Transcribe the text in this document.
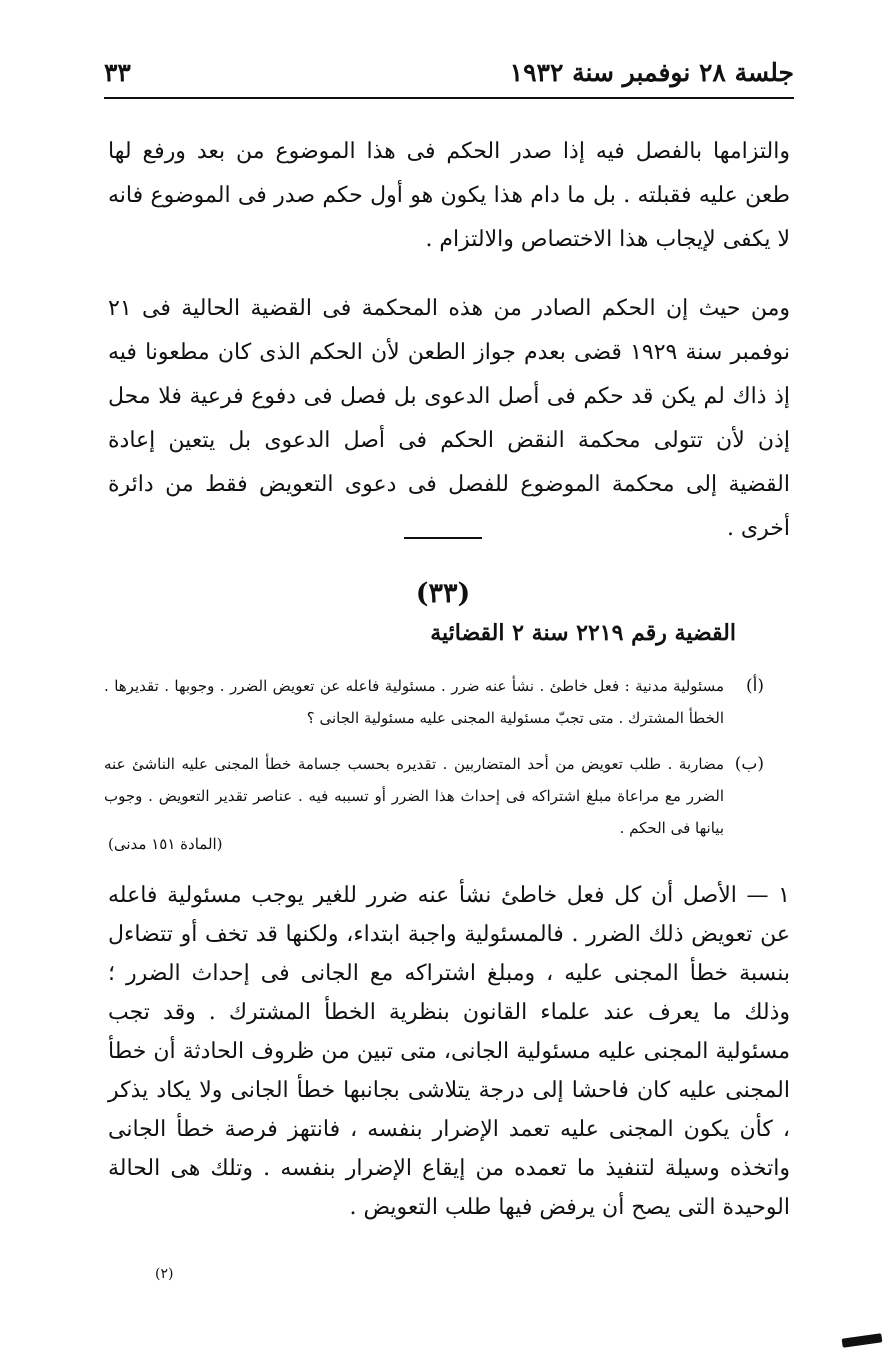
جلسة ٢٨ نوفمبر سنة ١٩٣٢
٣٣

والتزامها بالفصل فيه إذا صدر الحكم فى هذا الموضوع من بعد ورفع لها طعن عليه فقبلته . بل ما دام هذا يكون هو أول حكم صدر فى الموضوع فانه لا يكفى لإيجاب هذا الاختصاص والالتزام .

ومن حيث إن الحكم الصادر من هذه المحكمة فى القضية الحالية فى ٢١ نوفمبر سنة ١٩٢٩ قضى بعدم جواز الطعن لأن الحكم الذى كان مطعونا فيه إذ ذاك لم يكن قد حكم فى أصل الدعوى بل فصل فى دفوع فرعية فلا محل إذن لأن تتولى محكمة النقض الحكم فى أصل الدعوى بل يتعين إعادة القضية إلى محكمة الموضوع للفصل فى دعوى التعويض فقط من دائرة أخرى .

(٣٣)
القضية رقم ٢٢١٩ سنة ٢ القضائية
(أ)
مسئولية مدنية : فعل خاطئ . نشأ عنه ضرر . مسئولية فاعله عن تعويض الضرر . وجوبها . تقديرها . الخطأ المشترك . متى تجبّ مسئولية المجنى عليه مسئولية الجانى ؟
(ب)
مضاربة . طلب تعويض من أحد المتضاربين . تقديره بحسب جسامة خطأ المجنى عليه الناشئ عنه الضرر مع مراعاة مبلغ اشتراكه فى إحداث هذا الضرر أو تسببه فيه . عناصر تقدير التعويض . وجوب بيانها فى الحكم .
(المادة ١٥١ مدنى)

١ — الأصل أن كل فعل خاطئ نشأ عنه ضرر للغير يوجب مسئولية فاعله عن تعويض ذلك الضرر . فالمسئولية واجبة ابتداء، ولكنها قد تخف أو تتضاءل بنسبة خطأ المجنى عليه ، ومبلغ اشتراكه مع الجانى فى إحداث الضرر ؛ وذلك ما يعرف عند علماء القانون بنظرية الخطأ المشترك . وقد تجب مسئولية المجنى عليه مسئولية الجانى، متى تبين من ظروف الحادثة أن خطأ المجنى عليه كان فاحشا إلى درجة يتلاشى بجانبها خطأ الجانى ولا يكاد يذكر ، كأن يكون المجنى عليه تعمد الإضرار بنفسه ، فانتهز فرصة خطأ الجانى واتخذه وسيلة لتنفيذ ما تعمده من إيقاع الإضرار بنفسه . وتلك هى الحالة الوحيدة التى يصح أن يرفض فيها طلب التعويض .

(٢)
